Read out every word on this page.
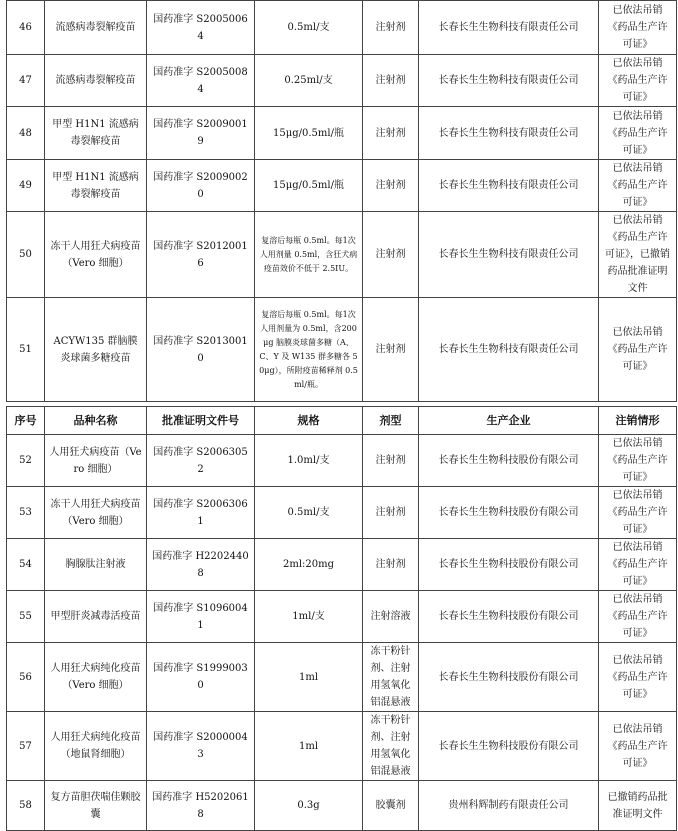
46	流感病毒裂解疫苗	国药准字 S20050064	0.5ml/支	注射剂	长春长生生物科技有限责任公司	已依法吊销《药品生产许可证》
47	流感病毒裂解疫苗	国药准字 S20050084	0.25ml/支	注射剂	长春长生生物科技有限责任公司	已依法吊销《药品生产许可证》
48	甲型 H1N1 流感病毒裂解疫苗	国药准字 S20090019	15μg/0.5ml/瓶	注射剂	长春长生生物科技有限责任公司	已依法吊销《药品生产许可证》
49	甲型 H1N1 流感病毒裂解疫苗	国药准字 S20090020	15μg/0.5ml/瓶	注射剂	长春长生生物科技有限责任公司	已依法吊销《药品生产许可证》
50	冻干人用狂犬病疫苗（Vero 细胞）	国药准字 S20120016	复溶后每瓶 0.5ml。每1次人用剂量 0.5ml，含狂犬病疫苗效价不低于 2.5IU。	注射剂	长春长生生物科技有限责任公司	已依法吊销《药品生产许可证》，已撤销药品批准证明文件
51	ACYW135 群脑膜炎球菌多糖疫苗	国药准字 S20130010	复溶后每瓶 0.5ml。每1次人用剂量为 0.5ml，含200μg 脑膜炎球菌多糖（A、C、Y 及 W135 群多糖各 50μg），所附疫苗稀释剂 0.5 ml/瓶。	注射剂	长春长生生物科技有限责任公司	已依法吊销《药品生产许可证》
序号	品种名称	批准证明文件号	规格	剂型	生产企业	注销情形
52	人用狂犬病疫苗（Vero 细胞）	国药准字 S20063052	1.0ml/支	注射剂	长春长生生物科技股份有限公司	已依法吊销《药品生产许可证》
53	冻干人用狂犬病疫苗（Vero 细胞）	国药准字 S20063061	0.5ml/支	注射剂	长春长生生物科技股份有限公司	已依法吊销《药品生产许可证》
54	胸腺肽注射液	国药准字 H22024408	2ml:20mg	注射剂	长春长生生物科技股份有限公司	已依法吊销《药品生产许可证》
55	甲型肝炎减毒活疫苗	国药准字 S10960041	1ml/支	注射溶液	长春长生生物科技股份有限公司	已依法吊销《药品生产许可证》
56	人用狂犬病纯化疫苗（Vero 细胞）	国药准字 S19990030	1ml	冻干粉针剂、注射用氢氧化铝混悬液	长春长生生物科技股份有限公司	已依法吊销《药品生产许可证》
57	人用狂犬病纯化疫苗（地鼠肾细胞）	国药准字 S20000043	1ml	冻干粉针剂、注射用氢氧化铝混悬液	长春长生生物科技股份有限公司	已依法吊销《药品生产许可证》
58	复方苗胆茯喘佳颗胶囊	国药准字 H52020618	0.3g	胶囊剂	贵州科辉制药有限责任公司	已撤销药品批准证明文件
